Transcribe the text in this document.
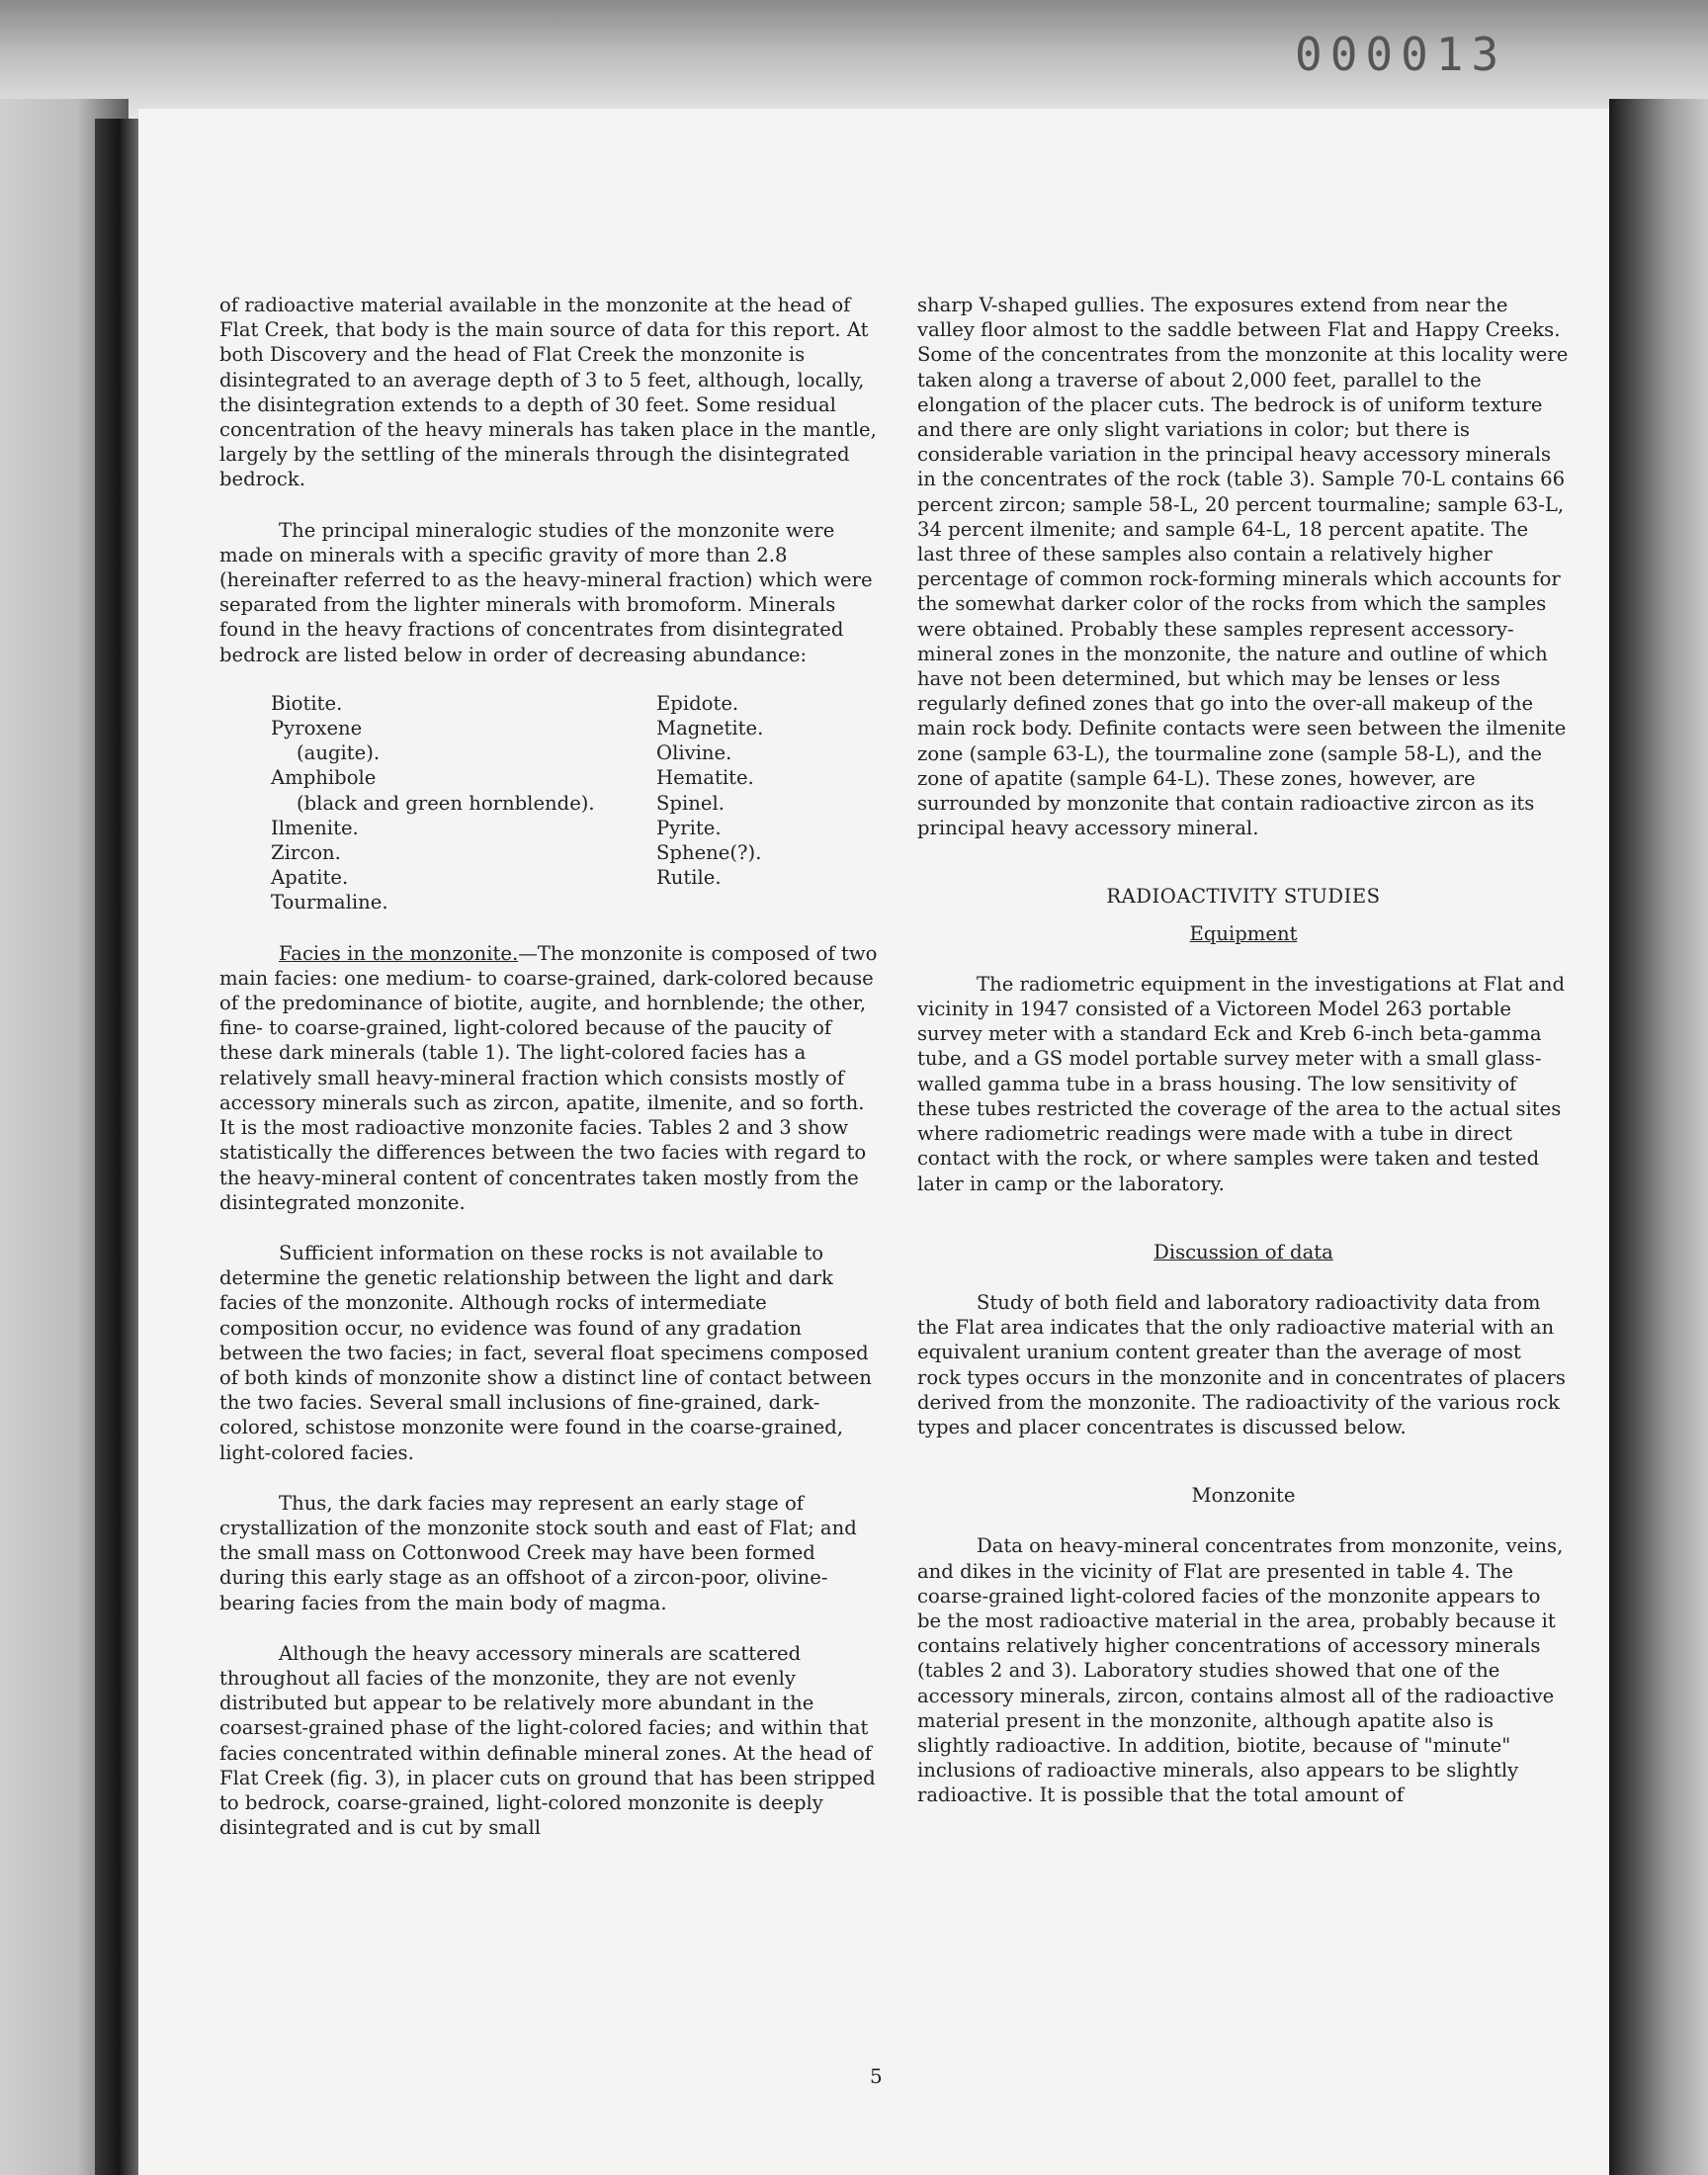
000013

of radioactive material available in the monzonite at the head of Flat Creek, that body is the main source of data for this report. At both Discovery and the head of Flat Creek the monzonite is disintegrated to an average depth of 3 to 5 feet, although, locally, the disintegration extends to a depth of 30 feet. Some residual concentration of the heavy minerals has taken place in the mantle, largely by the settling of the minerals through the disintegrated bedrock.

The principal mineralogic studies of the monzonite were made on minerals with a specific gravity of more than 2.8 (hereinafter referred to as the heavy-mineral fraction) which were separated from the lighter minerals with bromoform. Minerals found in the heavy fractions of concentrates from disintegrated bedrock are listed below in order of decreasing abundance:

Biotite.
Pyroxene
(augite).
Amphibole
(black and green hornblende).
Ilmenite.
Zircon.
Apatite.
Tourmaline.
Epidote.
Magnetite.
Olivine.
Hematite.
Spinel.
Pyrite.
Sphene(?).
Rutile.

Facies in the monzonite.—The monzonite is composed of two main facies: one medium- to coarse-grained, dark-colored because of the predominance of biotite, augite, and hornblende; the other, fine- to coarse-grained, light-colored because of the paucity of these dark minerals (table 1). The light-colored facies has a relatively small heavy-mineral fraction which consists mostly of accessory minerals such as zircon, apatite, ilmenite, and so forth. It is the most radioactive monzonite facies. Tables 2 and 3 show statistically the differences between the two facies with regard to the heavy-mineral content of concentrates taken mostly from the disintegrated monzonite.

Sufficient information on these rocks is not available to determine the genetic relationship between the light and dark facies of the monzonite. Although rocks of intermediate composition occur, no evidence was found of any gradation between the two facies; in fact, several float specimens composed of both kinds of monzonite show a distinct line of contact between the two facies. Several small inclusions of fine-grained, dark-colored, schistose monzonite were found in the coarse-grained, light-colored facies.

Thus, the dark facies may represent an early stage of crystallization of the monzonite stock south and east of Flat; and the small mass on Cottonwood Creek may have been formed during this early stage as an offshoot of a zircon-poor, olivine-bearing facies from the main body of magma.

Although the heavy accessory minerals are scattered throughout all facies of the monzonite, they are not evenly distributed but appear to be relatively more abundant in the coarsest-grained phase of the light-colored facies; and within that facies concentrated within definable mineral zones. At the head of Flat Creek (fig. 3), in placer cuts on ground that has been stripped to bedrock, coarse-grained, light-colored monzonite is deeply disintegrated and is cut by small

sharp V-shaped gullies. The exposures extend from near the valley floor almost to the saddle between Flat and Happy Creeks. Some of the concentrates from the monzonite at this locality were taken along a traverse of about 2,000 feet, parallel to the elongation of the placer cuts. The bedrock is of uniform texture and there are only slight variations in color; but there is considerable variation in the principal heavy accessory minerals in the concentrates of the rock (table 3). Sample 70-L contains 66 percent zircon; sample 58-L, 20 percent tourmaline; sample 63-L, 34 percent ilmenite; and sample 64-L, 18 percent apatite. The last three of these samples also contain a relatively higher percentage of common rock-forming minerals which accounts for the somewhat darker color of the rocks from which the samples were obtained. Probably these samples represent accessory-mineral zones in the monzonite, the nature and outline of which have not been determined, but which may be lenses or less regularly defined zones that go into the over-all makeup of the main rock body. Definite contacts were seen between the ilmenite zone (sample 63-L), the tourmaline zone (sample 58-L), and the zone of apatite (sample 64-L). These zones, however, are surrounded by monzonite that contain radioactive zircon as its principal heavy accessory mineral.

RADIOACTIVITY STUDIES
Equipment

The radiometric equipment in the investigations at Flat and vicinity in 1947 consisted of a Victoreen Model 263 portable survey meter with a standard Eck and Kreb 6-inch beta-gamma tube, and a GS model portable survey meter with a small glass-walled gamma tube in a brass housing. The low sensitivity of these tubes restricted the coverage of the area to the actual sites where radiometric readings were made with a tube in direct contact with the rock, or where samples were taken and tested later in camp or the laboratory.

Discussion of data

Study of both field and laboratory radioactivity data from the Flat area indicates that the only radioactive material with an equivalent uranium content greater than the average of most rock types occurs in the monzonite and in concentrates of placers derived from the monzonite. The radioactivity of the various rock types and placer concentrates is discussed below.

Monzonite

Data on heavy-mineral concentrates from monzonite, veins, and dikes in the vicinity of Flat are presented in table 4. The coarse-grained light-colored facies of the monzonite appears to be the most radioactive material in the area, probably because it contains relatively higher concentrations of accessory minerals (tables 2 and 3). Laboratory studies showed that one of the accessory minerals, zircon, contains almost all of the radioactive material present in the monzonite, although apatite also is slightly radioactive. In addition, biotite, because of "minute" inclusions of radioactive minerals, also appears to be slightly radioactive. It is possible that the total amount of

5
